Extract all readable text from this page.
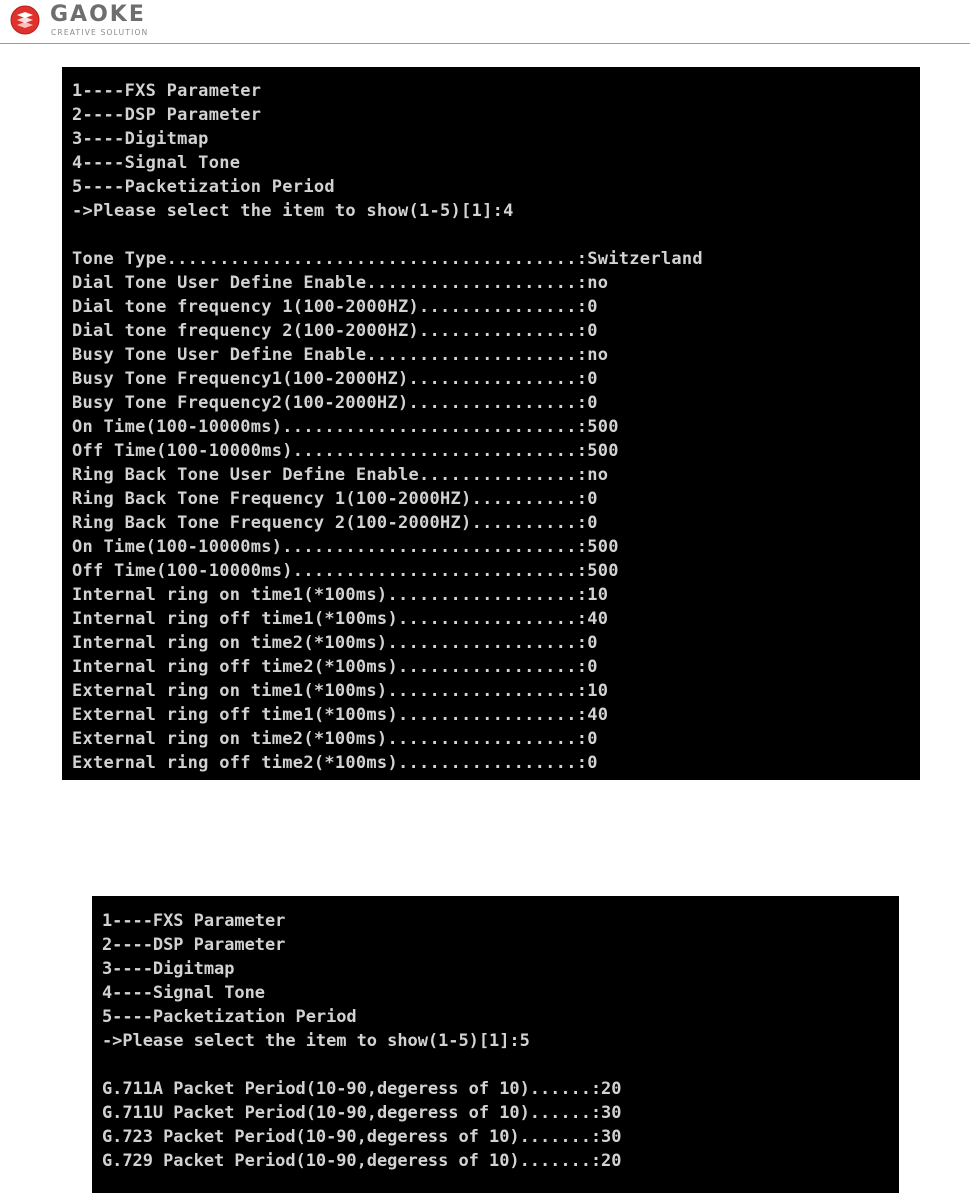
GAOKE
CREATIVE SOLUTION
1----FXS Parameter
2----DSP Parameter
3----Digitmap
4----Signal Tone
5----Packetization Period
->Please select the item to show(1-5)[1]:4
Tone Type.......................................:Switzerland
Dial Tone User Define Enable....................:no
Dial tone frequency 1(100-2000HZ)...............:0
Dial tone frequency 2(100-2000HZ)...............:0
Busy Tone User Define Enable....................:no
Busy Tone Frequency1(100-2000HZ)................:0
Busy Tone Frequency2(100-2000HZ)................:0
On Time(100-10000ms)............................:500
Off Time(100-10000ms)...........................:500
Ring Back Tone User Define Enable...............:no
Ring Back Tone Frequency 1(100-2000HZ)..........:0
Ring Back Tone Frequency 2(100-2000HZ)..........:0
On Time(100-10000ms)............................:500
Off Time(100-10000ms)...........................:500
Internal ring on time1(*100ms)..................:10
Internal ring off time1(*100ms).................:40
Internal ring on time2(*100ms)..................:0
Internal ring off time2(*100ms).................:0
External ring on time1(*100ms)..................:10
External ring off time1(*100ms).................:40
External ring on time2(*100ms)..................:0
External ring off time2(*100ms).................:0
1----FXS Parameter
2----DSP Parameter
3----Digitmap
4----Signal Tone
5----Packetization Period
->Please select the item to show(1-5)[1]:5
G.711A Packet Period(10-90,degeress of 10)......:20
G.711U Packet Period(10-90,degeress of 10)......:30
G.723 Packet Period(10-90,degeress of 10).......:30
G.729 Packet Period(10-90,degeress of 10).......:20
